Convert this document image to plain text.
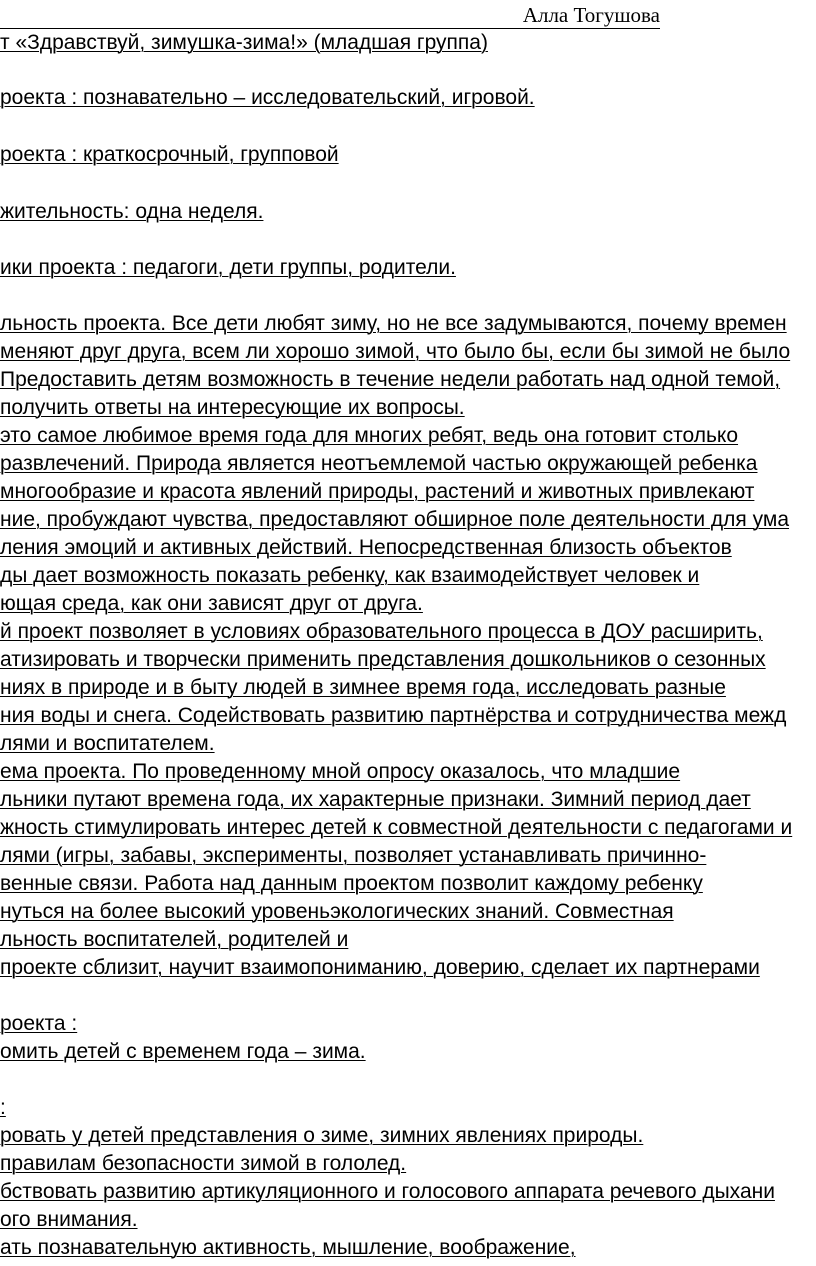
Алла Тогушова
т «Здравствуй, зимушка-зима!» (младшая группа)
роекта : познавательно – исследовательский, игровой.
роекта : краткосрочный, групповой
жительность: одна неделя.
ики проекта : педагоги, дети группы, родители.
льность проекта. Все дети любят зиму, но не все задумываются, почему времен
меняют друг друга, всем ли хорошо зимой, что было бы, если бы зимой не было
Предоставить детям возможность в течение недели работать над одной темой,
получить ответы на интересующие их вопросы.
это самое любимое время года для многих ребят, ведь она готовит столько
развлечений. Природа является неотъемлемой частью окружающей ребенка
многообразие и красота явлений природы, растений и животных привлекают
ние, пробуждают чувства, предоставляют обширное поле деятельности для ума
ления эмоций и активных действий. Непосредственная близость объектов
ды дает возможность показать ребенку, как взаимодействует человек и
ющая среда, как они зависят друг от друга.
й проект позволяет в условиях образовательного процесса в ДОУ расширить,
атизировать и творчески применить представления дошкольников о сезонных
ниях в природе и в быту людей в зимнее время года, исследовать разные
ния воды и снега. Содействовать развитию партнёрства и сотрудничества межд
лями и воспитателем.
ема проекта. По проведенному мной опросу оказалось, что младшие
льники путают времена года, их характерные признаки. Зимний период дает
жность стимулировать интерес детей к совместной деятельности с педагогами и
лями (игры, забавы, эксперименты, позволяет устанавливать причинно-
венные связи. Работа над данным проектом позволит каждому ребенку
нуться на более высокий уровеньэкологических знаний. Совместная
льность воспитателей, родителей и
проекте сблизит, научит взаимопониманию, доверию, сделает их партнерами
роекта :
омить детей с временем года – зима.
:
ровать у детей представления о зиме, зимних явлениях природы.
правилам безопасности зимой в гололед.
бствовать развитию артикуляционного и голосового аппарата речевого дыхани
ого внимания.
ать познавательную активность, мышление, воображение,
